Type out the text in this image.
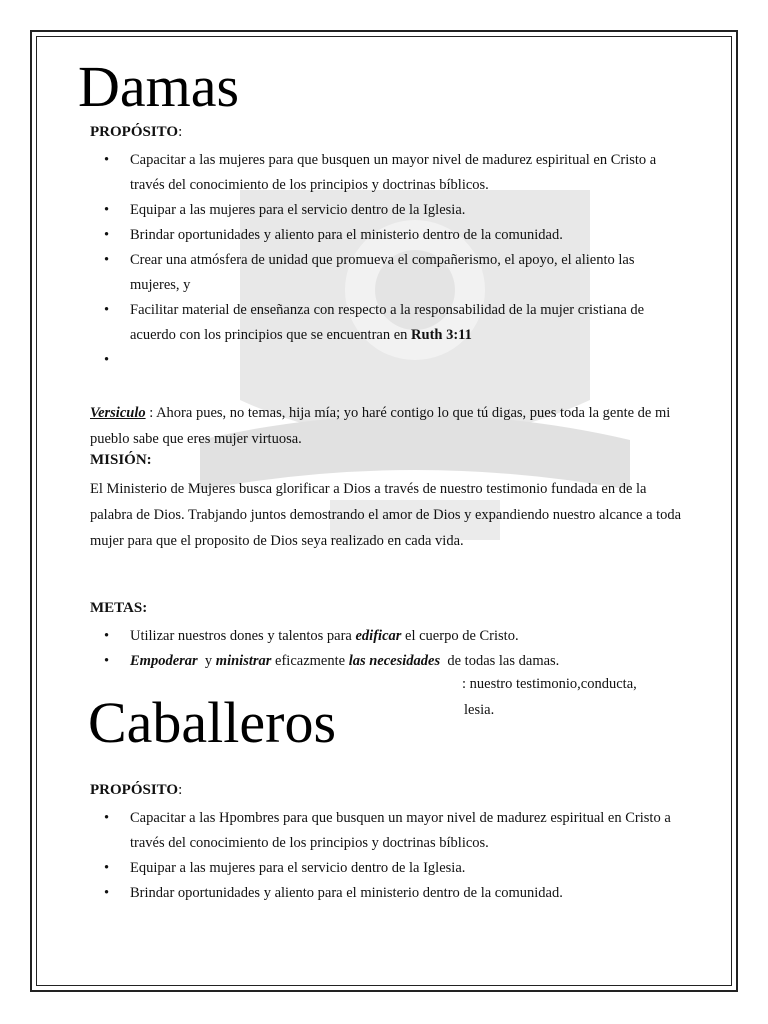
Damas
PROPÓSITO:
• Capacitar a las mujeres para que busquen un mayor nivel de madurez espiritual en Cristo a través del conocimiento de los principios y doctrinas bíblicos.
• Equipar a las mujeres para el servicio dentro de la Iglesia.
• Brindar oportunidades y aliento para el ministerio dentro de la comunidad.
• Crear una atmósfera de unidad que promueva el compañerismo, el apoyo, el aliento las mujeres, y
• Facilitar material de enseñanza con respecto a la responsabilidad de la mujer cristiana de acuerdo con los principios que se encuentran en Ruth 3:11
•

Versiculo : Ahora pues, no temas, hija mía; yo haré contigo lo que tú digas, pues toda la gente de mi pueblo sabe que eres mujer virtuosa.

MISIÓN:

El Ministerio de Mujeres busca glorificar a Dios a través de nuestro testimonio fundada en de la palabra de Dios. Trabjando juntos demostrando el amor de Dios y expandiendo nuestro alcance a toda mujer para que el proposito de Dios seya realizado en cada vida.

METAS:
• Utilizar nuestros dones y talentos para edificar el cuerpo de Cristo.
• Empoderar  y ministrar eficazmente las necesidades  de todas las damas.
: nuestro testimonio,conducta,
lesia.
Caballeros
PROPÓSITO:
• Capacitar a las Hpombres para que busquen un mayor nivel de madurez espiritual en Cristo a través del conocimiento de los principios y doctrinas bíblicos.
• Equipar a las mujeres para el servicio dentro de la Iglesia.
• Brindar oportunidades y aliento para el ministerio dentro de la comunidad.
